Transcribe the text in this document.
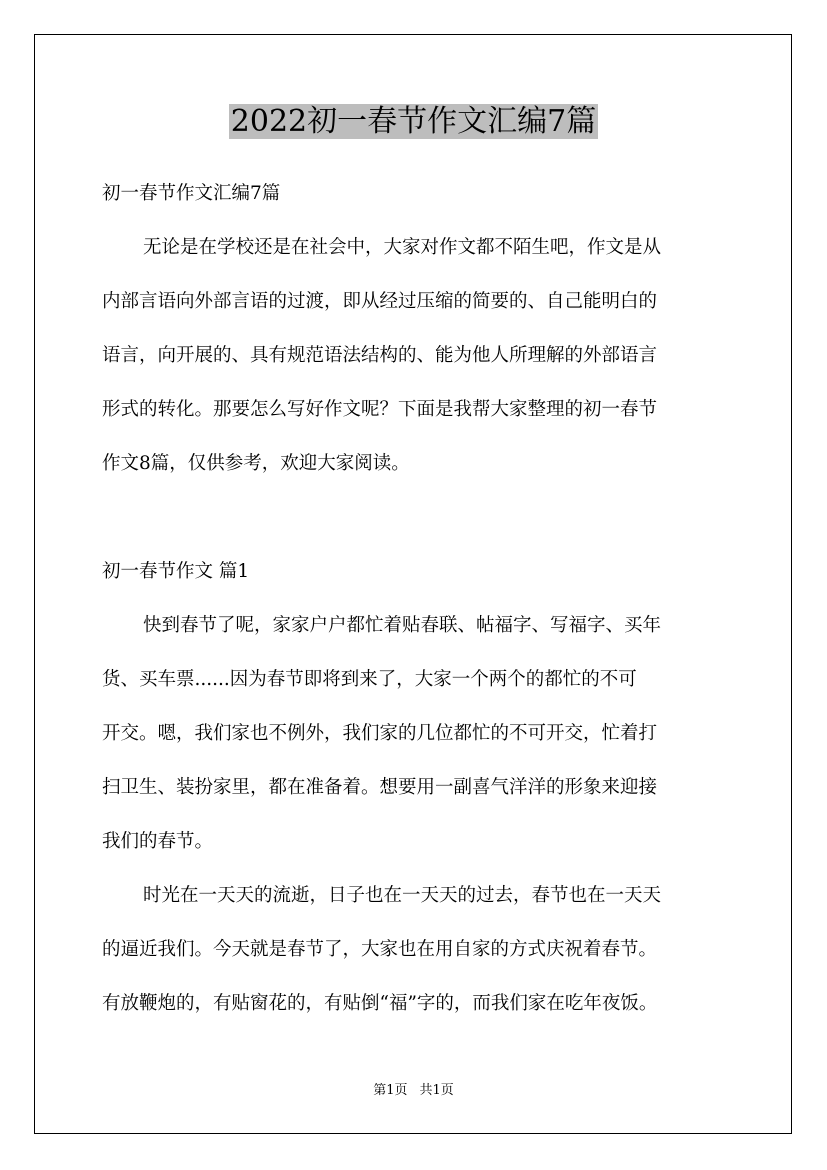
2022初一春节作文汇编7篇

初一春节作文汇编7篇

无论是在学校还是在社会中，大家对作文都不陌生吧，作文是从

内部言语向外部言语的过渡，即从经过压缩的简要的、自己能明白的

语言，向开展的、具有规范语法结构的、能为他人所理解的外部语言

形式的转化。那要怎么写好作文呢？下面是我帮大家整理的初一春节

作文8篇，仅供参考，欢迎大家阅读。

初一春节作文 篇1

快到春节了呢，家家户户都忙着贴春联、帖福字、写福字、买年

货、买车票......因为春节即将到来了，大家一个两个的都忙的不可

开交。嗯，我们家也不例外，我们家的几位都忙的不可开交，忙着打

扫卫生、装扮家里，都在准备着。想要用一副喜气洋洋的形象来迎接

我们的春节。

时光在一天天的流逝，日子也在一天天的过去，春节也在一天天

的逼近我们。今天就是春节了，大家也在用自家的方式庆祝着春节。

有放鞭炮的，有贴窗花的，有贴倒“福”字的，而我们家在吃年夜饭。

第1页 共1页
